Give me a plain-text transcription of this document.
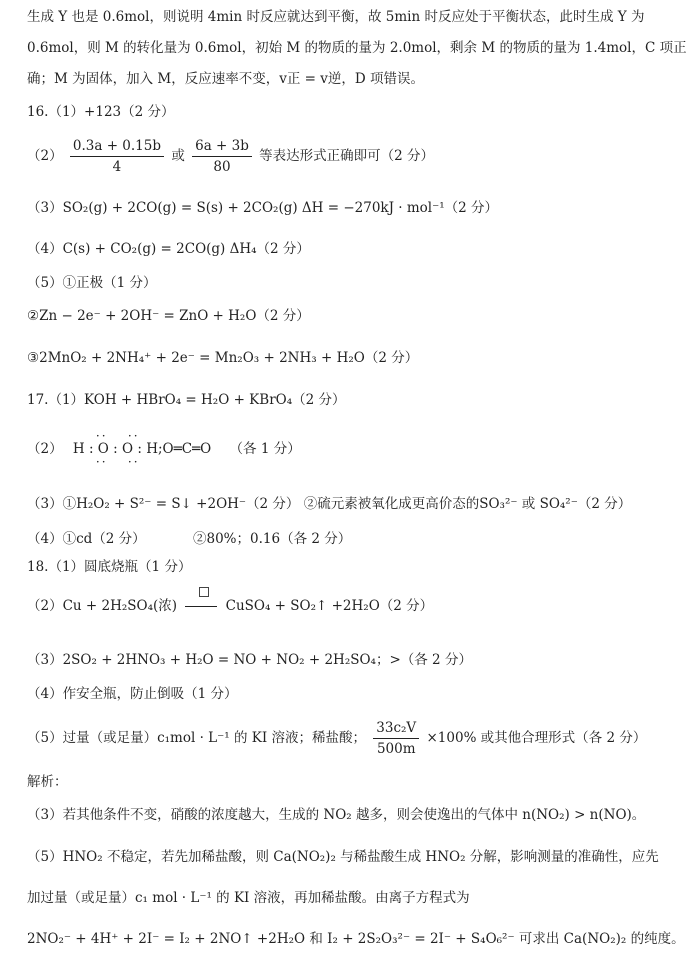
生成 Y 也是 0.6mol，则说明 4min 时反应就达到平衡，故 5min 时反应处于平衡状态，此时生成 Y 为
0.6mol，则 M 的转化量为 0.6mol，初始 M 的物质的量为 2.0mol，剩余 M 的物质的量为 1.4mol，C 项正
确；M 为固体，加入 M，反应速率不变，v正 = v逆，D 项错误。
16.（1）+123（2 分）
$(2) \frac{0.3a + 0.15b}{4}$ 或 $\frac{6a + 3b}{80}$ 等表达形式正确即可（2 分）
（3）SO₂(g) + 2CO(g) = S(s) + 2CO₂(g) ΔH = −270kJ · mol⁻¹（2 分）
（4）C(s) + CO₂(g) = 2CO(g) ΔH₄（2 分）
（5）①正极（1 分）
②Zn − 2e⁻ + 2OH⁻ = ZnO + H₂O（2 分）
③2MnO₂ + 2NH₄⁺ + 2e⁻ = Mn₂O₃ + 2NH₃ + H₂O（2 分）
17.（1）KOH + HBrO₄ = H₂O + KBrO₄（2 分）
（2）
·· ··
H : O : O : H;O═C═O
·· ··
（各 1 分）
（3）①H₂O₂ + S²⁻ = S↓ +2OH⁻（2 分） ②硫元素被氧化成更高价态的SO₃²⁻ 或 SO₄²⁻（2 分）
（4）①cd（2 分）	②80%；0.16（各 2 分）
18.（1）圆底烧瓶（1 分）
（2）Cu + 2H₂SO₄(浓)	CuSO₄ + SO₂↑ +2H₂O（2 分）
（3）2SO₂ + 2HNO₃ + H₂O = NO + NO₂ + 2H₂SO₄；>（各 2 分）
（4）作安全瓶，防止倒吸（1 分）
（5）过量（或足量）c₁mol · L⁻¹ 的 KI 溶液；稀盐酸； $\frac{\text{33c₂V}}{500m} \times 100\%$ 或其他合理形式（各 2 分）
解析：
（3）若其他条件不变，硝酸的浓度越大，生成的 NO₂ 越多，则会使逸出的气体中 n(NO₂) > n(NO)。
（5）HNO₂ 不稳定，若先加稀盐酸，则 Ca(NO₂)₂ 与稀盐酸生成 HNO₂ 分解，影响测量的准确性，应先
加过量（或足量）c₁ mol · L⁻¹ 的 KI 溶液，再加稀盐酸。由离子方程式为
2NO₂⁻ + 4H⁺ + 2I⁻ = I₂ + 2NO↑ +2H₂O 和 I₂ + 2S₂O₃²⁻ = 2I⁻ + S₄O₆²⁻ 可求出 Ca(NO₂)₂ 的纯度。
